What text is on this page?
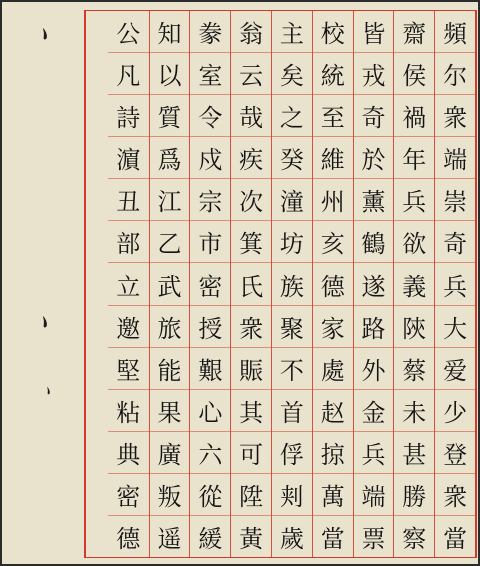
、
、
、
頻
尔
衆
端
崇
奇
兵
大
爱
少
登
衆
當
齋
侯
禍
年
兵
欲
義
陝
蔡
未
甚
勝
察
皆
戎
奇
於
薰
鶴
遂
路
外
金
兵
端
票
校
統
至
維
州
亥
德
家
處
赵
掠
萬
當
主
矣
之
癸
潼
坊
族
聚
不
首
俘
刾
歲
翁
云
哉
疾
次
箕
氏
衆
賑
其
可
陞
黃
豢
室
令
戍
宗
市
密
授
艱
心
六
從
緩
知
以
質
爲
江
乙
武
旅
能
果
廣
叛
遥
公
凡
詩
濵
丑
部
立
邀
堅
粘
典
密
德
